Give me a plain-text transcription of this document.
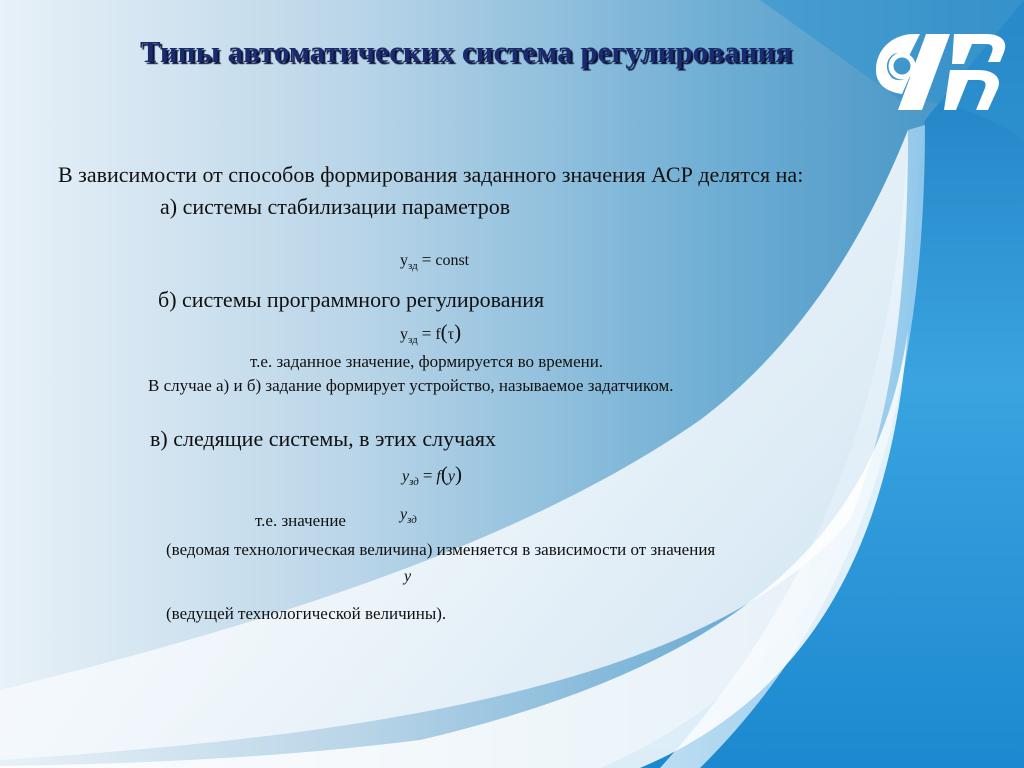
Типы автоматических система регулирования
В зависимости от способов формирования заданного значения АСР делятся на:
а) системы стабилизации параметров
$y_{зд}$ = const
б) системы программного регулирования
$y_{зд} = f(\tau)$
т.е. заданное значение, формируется во времени.
В случае а) и б) задание формирует устройство, называемое задатчиком.
в) следящие системы, в этих случаях
$y_{зд} = f(y)$
т.е. значение	$y_{зд}$
(ведомая технологическая величина) изменяется в зависимости от значения
y
(ведущей технологической величины).
